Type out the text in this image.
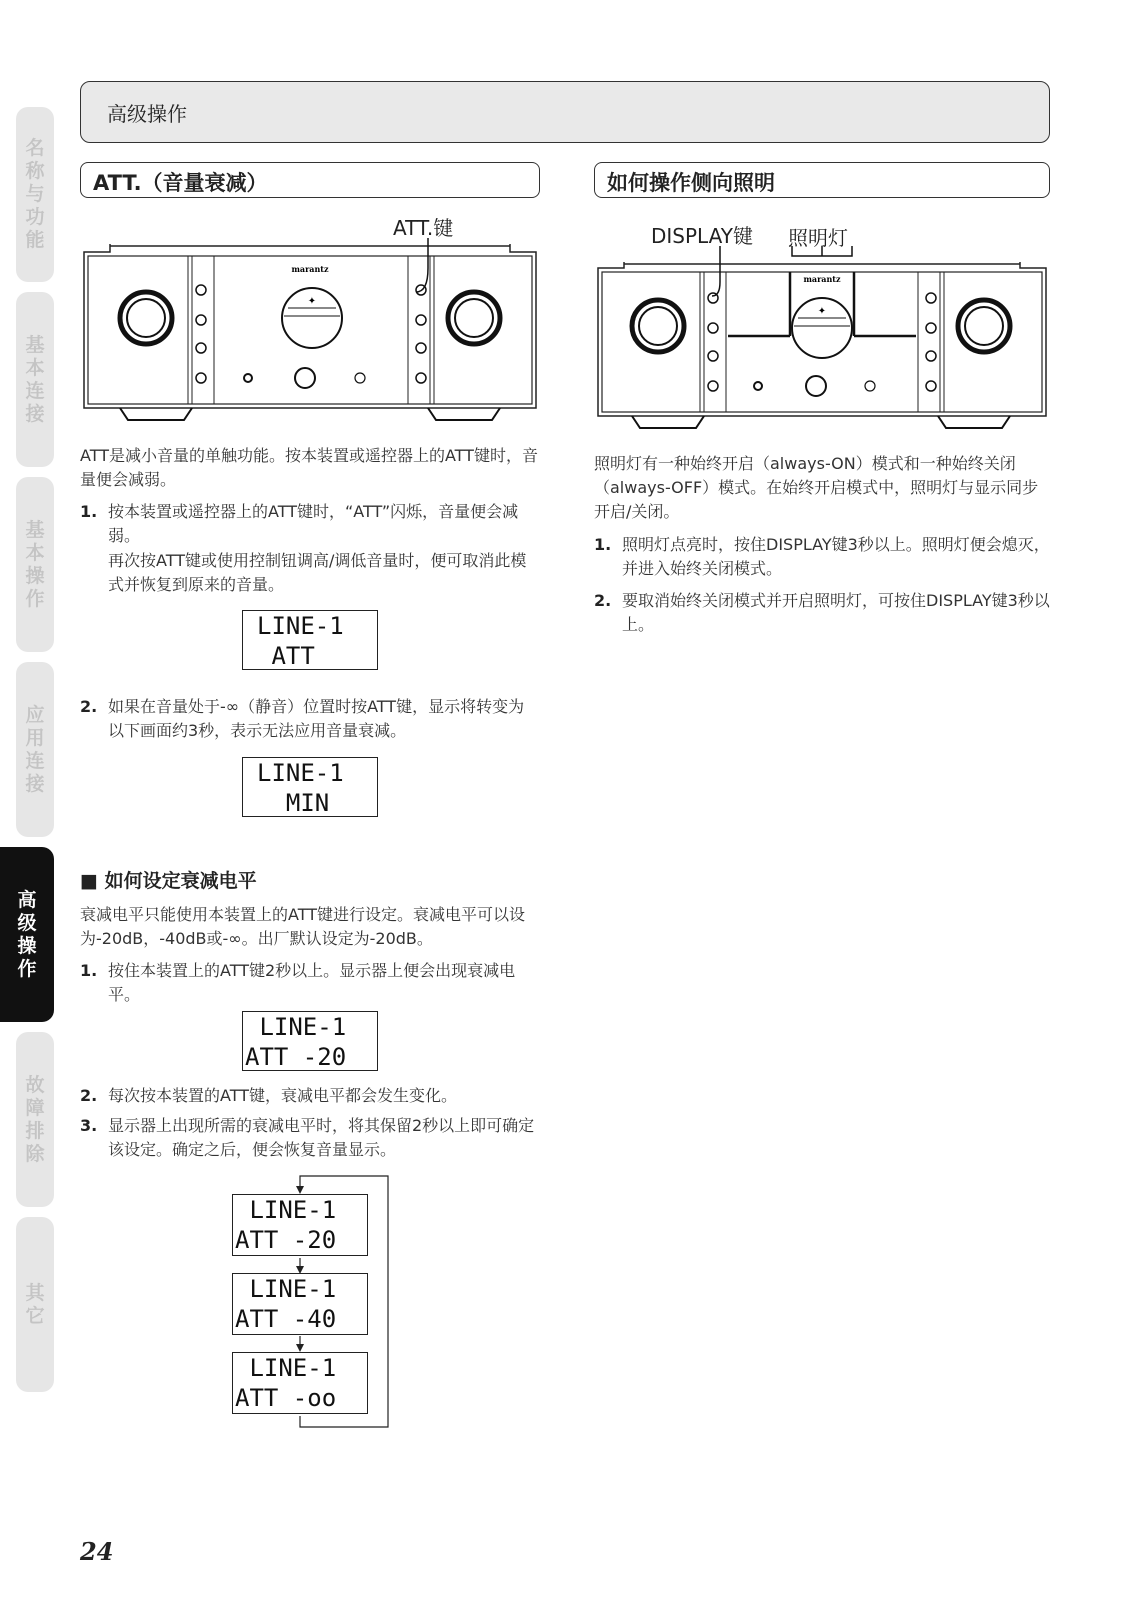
名称与功能
基本连接
基本操作
应用连接
高级操作
故障排除
其它
高级操作
ATT.（音量衰减）
ATT.键
marantz
✦
ATT是减小音量的单触功能。按本装置或遥控器上的ATT键时，音量便会减弱。
1. 按本装置或遥控器上的ATT键时，“ATT”闪烁，音量便会减弱。
再次按ATT键或使用控制钮调高/调低音量时，便可取消此模式并恢复到原来的音量。
LINE-1
ATT
2. 如果在音量处于-∞（静音）位置时按ATT键，显示将转变为以下画面约3秒，表示无法应用音量衰减。
LINE-1
MIN
■ 如何设定衰减电平
衰减电平只能使用本装置上的ATT键进行设定。衰减电平可以设为-20dB，-40dB或-∞。出厂默认设定为-20dB。
1. 按住本装置上的ATT键2秒以上。显示器上便会出现衰减电平。
LINE-1
ATT -20
2. 每次按本装置的ATT键，衰减电平都会发生变化。
3. 显示器上出现所需的衰减电平时，将其保留2秒以上即可确定该设定。确定之后，便会恢复音量显示。
LINE-1
ATT -20
LINE-1
ATT -40
LINE-1
ATT -oo
如何操作侧向照明
DISPLAY键 照明灯
marantz
✦
照明灯有一种始终开启（always-ON）模式和一种始终关闭（always-OFF）模式。在始终开启模式中，照明灯与显示同步开启/关闭。
1. 照明灯点亮时，按住DISPLAY键3秒以上。照明灯便会熄灭，并进入始终关闭模式。
2. 要取消始终关闭模式并开启照明灯，可按住DISPLAY键3秒以上。
24
